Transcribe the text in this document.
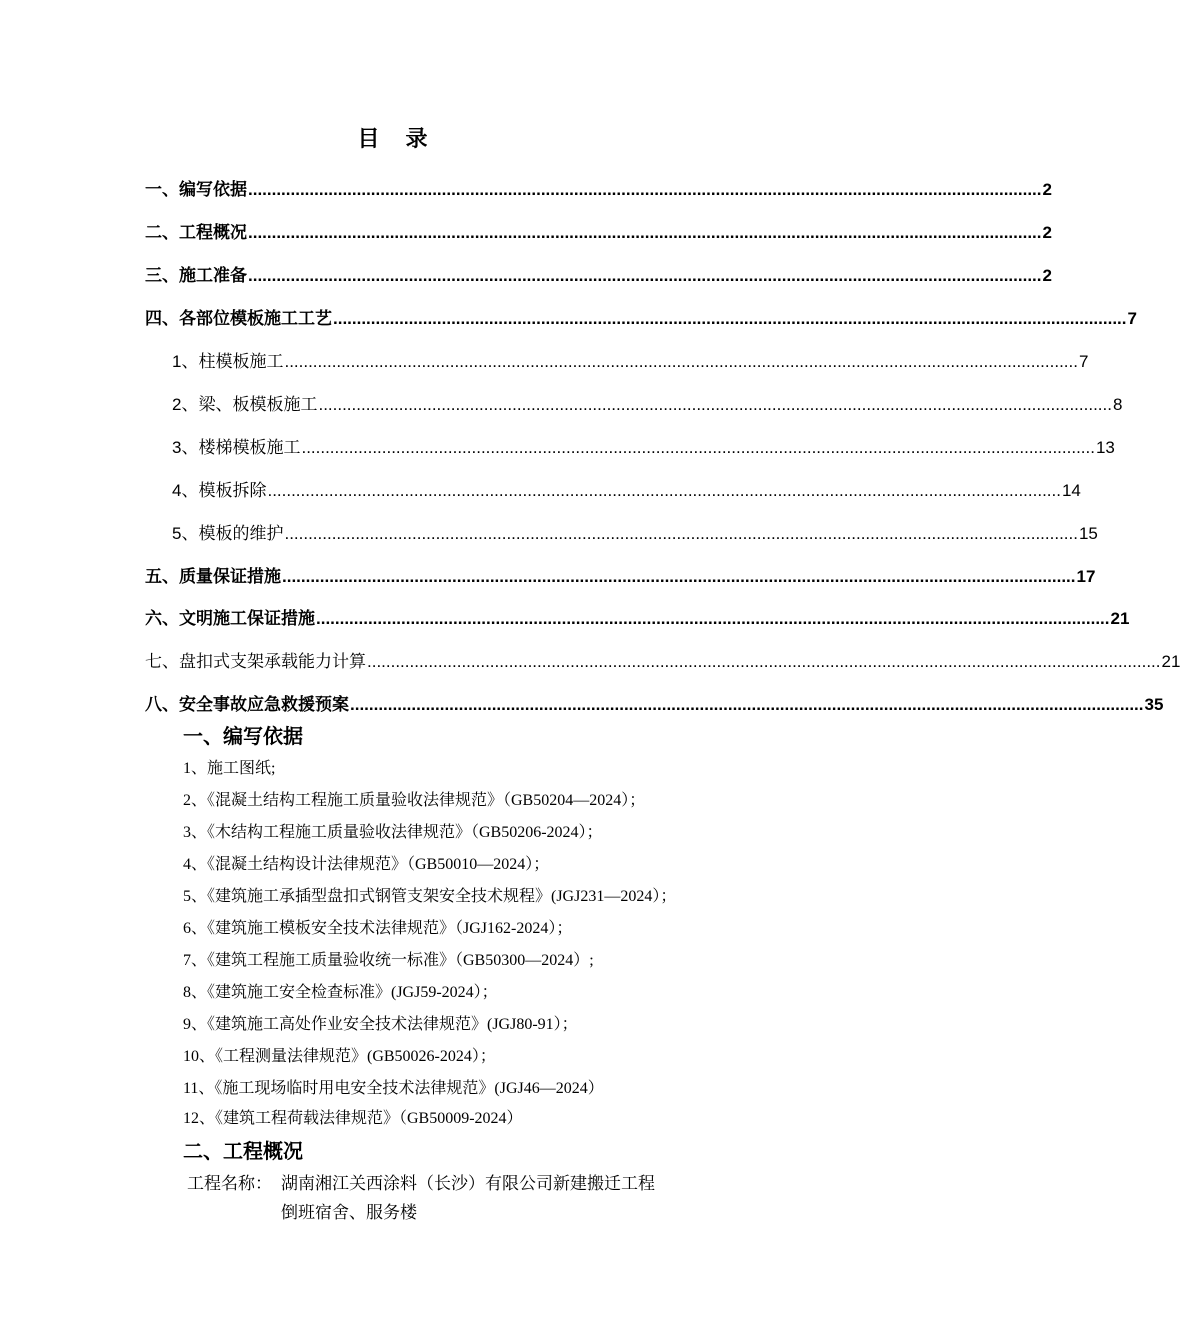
目 录
一、编写依据 ........................................................................................................................................................................ 2
二、工程概况 ........................................................................................................................................................................ 2
三、施工准备 ........................................................................................................................................................................ 2
四、各部位模板施工工艺 ........................................................................................................................................................................ 7
1、柱模板施工 ........................................................................................................................................................................ 7
2、梁、板模板施工 ........................................................................................................................................................................ 8
3、楼梯模板施工 ........................................................................................................................................................................ 13
4、模板拆除 ........................................................................................................................................................................ 14
5、模板的维护 ........................................................................................................................................................................ 15
五、质量保证措施 ........................................................................................................................................................................ 17
六、文明施工保证措施 ........................................................................................................................................................................ 21
七、盘扣式支架承载能力计算 ........................................................................................................................................................................ 21
八、安全事故应急救援预案 ........................................................................................................................................................................ 35
一、编写依据
1、施工图纸;
2、《混凝土结构工程施工质量验收法律规范》（GB50204—2024）；
3、《木结构工程施工质量验收法律规范》（GB50206-2024）；
4、《混凝土结构设计法律规范》（GB50010—2024）；
5、《建筑施工承插型盘扣式钢管支架安全技术规程》(JGJ231—2024）；
6、《建筑施工模板安全技术法律规范》（JGJ162-2024）；
7、《建筑工程施工质量验收统一标准》（GB50300—2024）;
8、《建筑施工安全检查标准》(JGJ59-2024）；
9、《建筑施工高处作业安全技术法律规范》(JGJ80-91）；
10、《工程测量法律规范》(GB50026-2024）；
11、《施工现场临时用电安全技术法律规范》(JGJ46—2024）
12、《建筑工程荷载法律规范》（GB50009-2024）
二、工程概况
工程名称： 湖南湘江关西涂料（长沙）有限公司新建搬迁工程
倒班宿舍、服务楼
